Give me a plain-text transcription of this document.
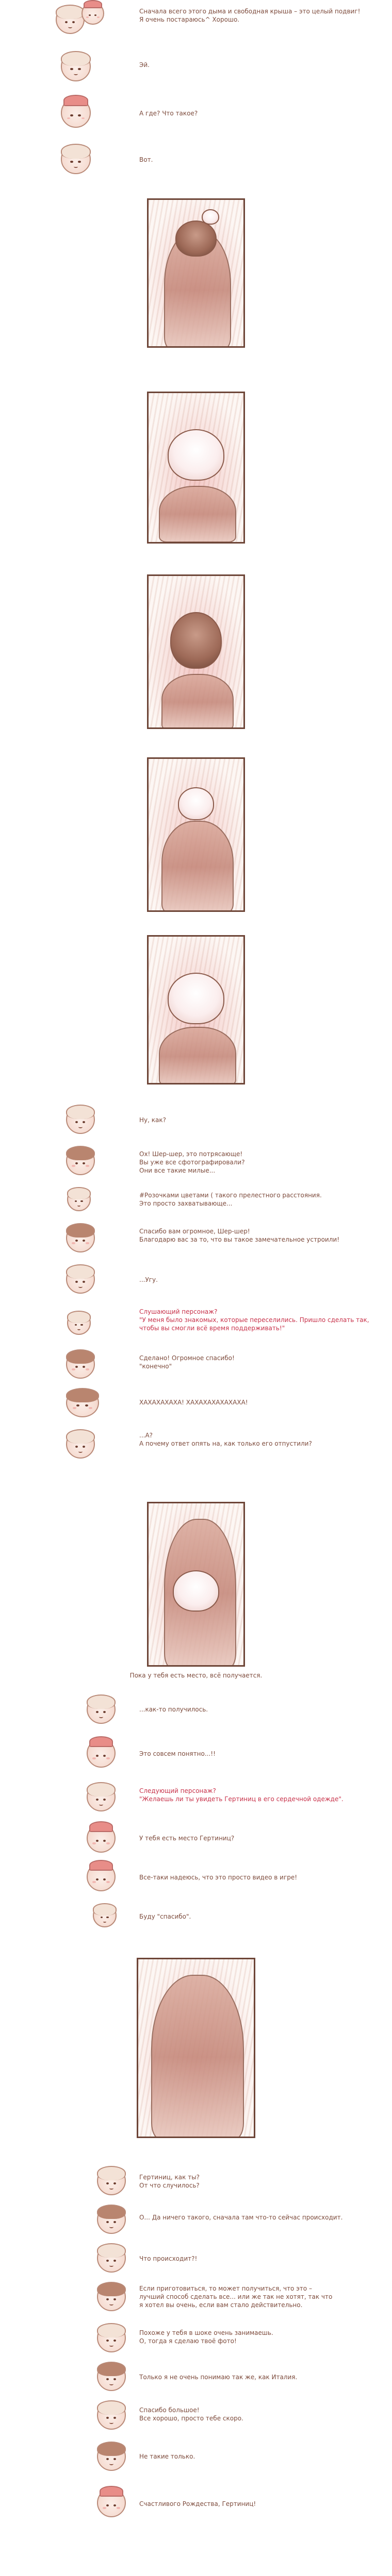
Сначала всего этого дыма и свободная крыша – это целый подвиг!
Я очень постараюсь^ Хорошо.
Эй.
А где? Что такое?
Вот.
Ну, как?
Ох! Шер-шер, это потрясающе!
Вы уже все сфотографировали?
Они все такие милые...
#Розочками цветами ( такого прелестного расстояния.
Это просто захватывающе...
Спасибо вам огромное, Шер-шер!
Благодарю вас за то, что вы такое замечательное устроили!
...Угу.
Слушающий персонаж?
"У меня было знакомых, которые переселились. Пришло сделать так,
чтобы вы смогли всё время поддерживать!"
Сделано! Огромное спасибо!
"конечно"
ХАХАХАХАХА! ХАХАХАХАХАХАХА!
...А?
А почему ответ опять на, как только его отпустили?
Пока у тебя есть место, всё получается.
...как-то получилось.
Это совсем понятно...!!
Следующий персонаж?
"Желаешь ли ты увидеть Гертиниц в его сердечной одежде".
У тебя есть место Гертиниц?
Все-таки надеюсь, что это просто видео в игре!
Буду "спасибо".
Гертиниц, как ты?
От что случилось?
О... Да ничего такого, сначала там что-то сейчас происходит.
Что происходит?!
Если приготовиться, то может получиться, что это –
лучший способ сделать все... или же так не хотят, так что
я хотел вы очень, если вам стало действительно.
Похоже у тебя в шоке очень занимаешь.
О, тогда я сделаю твоё фото!
Только я не очень понимаю так же, как Италия.
Спасибо большое!
Все хорошо, просто тебе скоро.
Не такие только.
Счастливого Рождества, Гертиниц!
